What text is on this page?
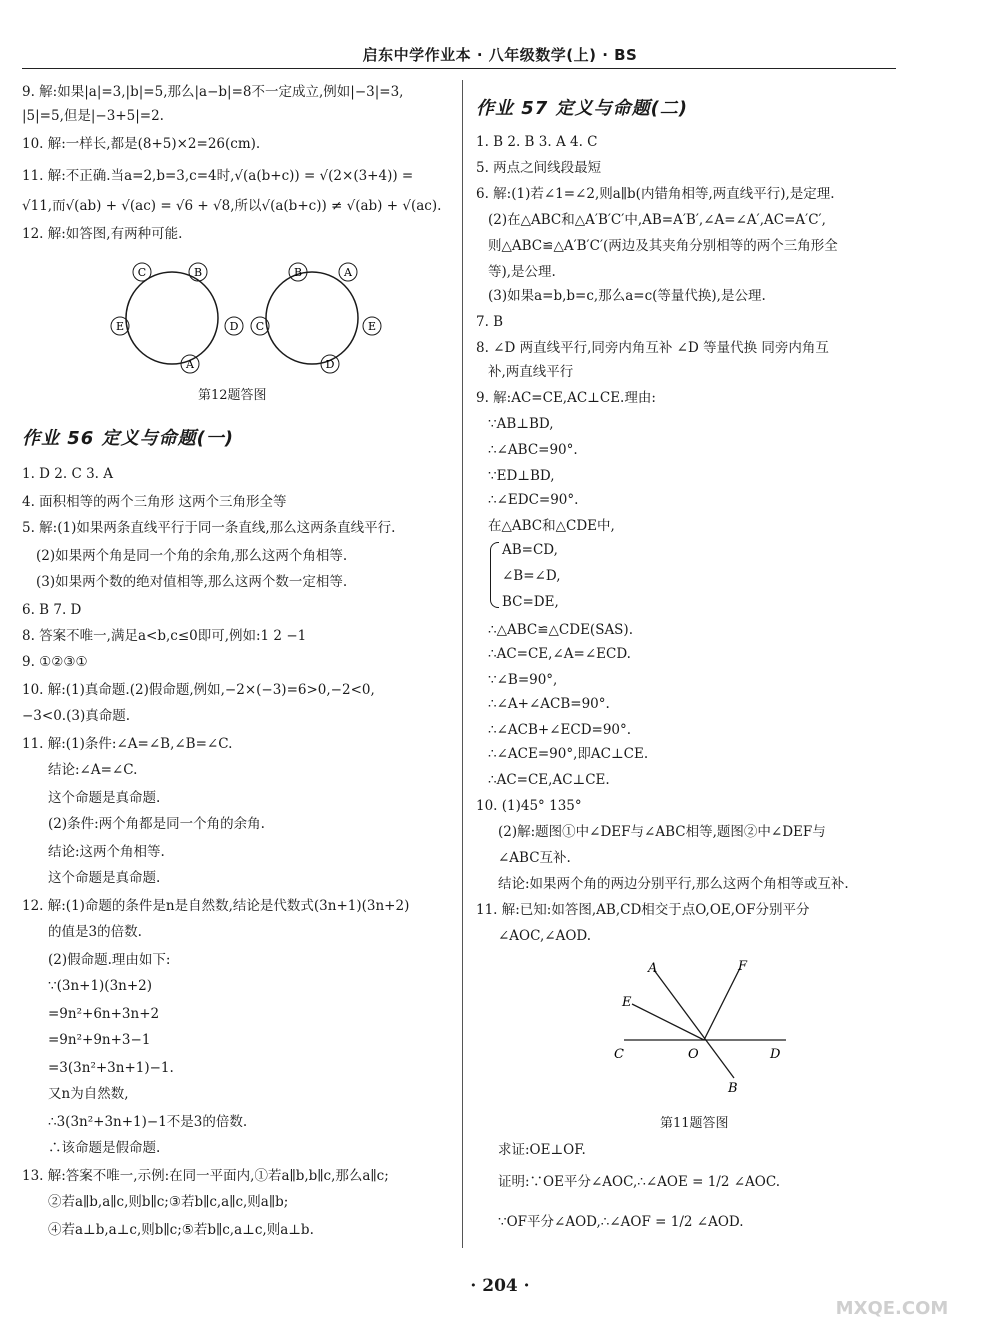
启东中学作业本 · 八年级数学(上) · BS
9. 解:如果|a|=3,|b|=5,那么|a−b|=8不一定成立,例如|−3|=3,
|5|=5,但是|−3+5|=2.
10. 解:一样长,都是(8+5)×2=26(cm).
11. 解:不正确.当a=2,b=3,c=4时,√(a(b+c)) = √(2×(3+4)) =
√11,而√(ab) + √(ac) = √6 + √8,所以√(a(b+c)) ≠ √(ab) + √(ac).
12. 解:如答图,有两种可能.
C	B
E	D
A
B	A
C	E
D
第12题答图
作业 56 定义与命题(一)
1. D 2. C 3. A
4. 面积相等的两个三角形 这两个三角形全等
5. 解:(1)如果两条直线平行于同一条直线,那么这两条直线平行.
(2)如果两个角是同一个角的余角,那么这两个角相等.
(3)如果两个数的绝对值相等,那么这两个数一定相等.
6. B 7. D
8. 答案不唯一,满足a<b,c≤0即可,例如:1 2 −1
9. ①②③①
10. 解:(1)真命题.(2)假命题,例如,−2×(−3)=6>0,−2<0,
−3<0.(3)真命题.
11. 解:(1)条件:∠A=∠B,∠B=∠C.
结论:∠A=∠C.
这个命题是真命题.
(2)条件:两个角都是同一个角的余角.
结论:这两个角相等.
这个命题是真命题.
12. 解:(1)命题的条件是n是自然数,结论是代数式(3n+1)(3n+2)
的值是3的倍数.
(2)假命题.理由如下:
∵(3n+1)(3n+2)
=9n²+6n+3n+2
=9n²+9n+3−1
=3(3n²+3n+1)−1.
又n为自然数,
∴3(3n²+3n+1)−1不是3的倍数.
∴该命题是假命题.
13. 解:答案不唯一,示例:在同一平面内,①若a∥b,b∥c,那么a∥c;
②若a∥b,a∥c,则b∥c;③若b∥c,a∥c,则a∥b;
④若a⊥b,a⊥c,则b∥c;⑤若b∥c,a⊥c,则a⊥b.
作业 57 定义与命题(二)
1. B 2. B 3. A 4. C
5. 两点之间线段最短
6. 解:(1)若∠1=∠2,则a∥b(内错角相等,两直线平行),是定理.
(2)在△ABC和△A′B′C′中,AB=A′B′,∠A=∠A′,AC=A′C′,
则△ABC≌△A′B′C′(两边及其夹角分别相等的两个三角形全
等),是公理.
(3)如果a=b,b=c,那么a=c(等量代换),是公理.
7. B
8. ∠D 两直线平行,同旁内角互补 ∠D 等量代换 同旁内角互
补,两直线平行
9. 解:AC=CE,AC⊥CE.理由:
∵AB⊥BD,
∴∠ABC=90°.
∵ED⊥BD,
∴∠EDC=90°.
在△ABC和△CDE中,
AB=CD,
∠B=∠D,
BC=DE,
∴△ABC≌△CDE(SAS).
∴AC=CE,∠A=∠ECD.
∵∠B=90°,
∴∠A+∠ACB=90°.
∴∠ACB+∠ECD=90°.
∴∠ACE=90°,即AC⊥CE.
∴AC=CE,AC⊥CE.
10. (1)45° 135°
(2)解:题图①中∠DEF与∠ABC相等,题图②中∠DEF与
∠ABC互补.
结论:如果两个角的两边分别平行,那么这两个角相等或互补.
11. 解:已知:如答图,AB,CD相交于点O,OE,OF分别平分
∠AOC,∠AOD.
A	F
E
C	O	D
B
第11题答图
求证:OE⊥OF.
证明:∵OE平分∠AOC,∴∠AOE = 1/2 ∠AOC.
∵OF平分∠AOD,∴∠AOF = 1/2 ∠AOD.
· 204 ·
MXQE.COM
